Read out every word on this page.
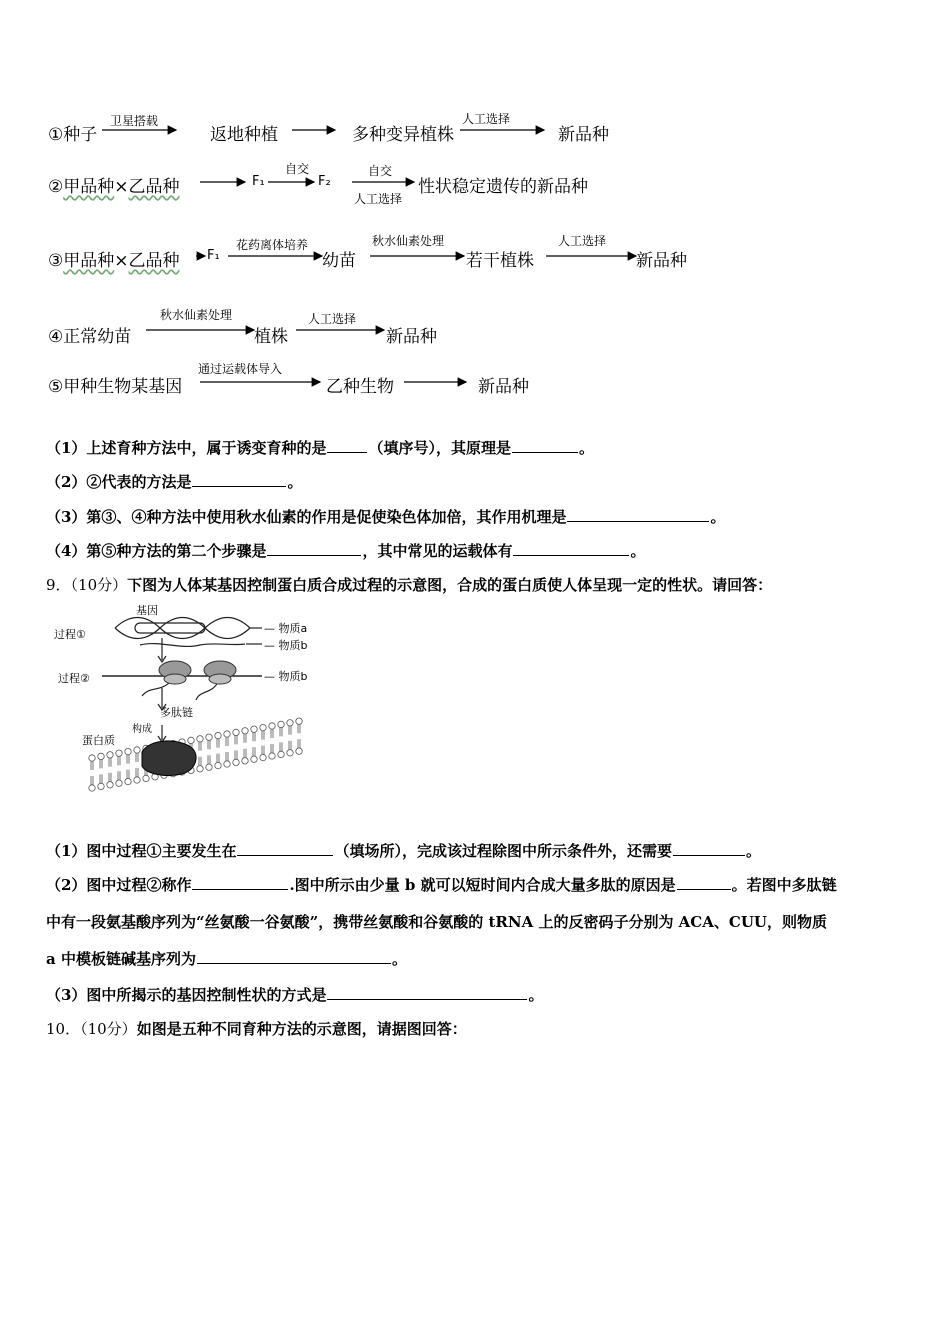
①种子
卫星搭载
返地种植	多种变异植株
人工选择
新品种
②甲品种×乙品种	F₁
自交
F₂
自交
人工选择
性状稳定遗传的新品种
③甲品种×乙品种 F₁
花药离体培养
幼苗
秋水仙素处理
若干植株
人工选择
新品种
④正常幼苗
秋水仙素处理
植株
人工选择
新品种
⑤甲种生物某基因
通过运载体导入
乙种生物	新品种
（1）上述育种方法中，属于诱变育种的是	（填序号），其原理是	。
（2）②代表的方法是	。
（3）第③、④种方法中使用秋水仙素的作用是促使染色体加倍，其作用机理是	。
（4）第⑤种方法的第二个步骤是	，其中常见的运载体有	。
9．（10分）下图为人体某基因控制蛋白质合成过程的示意图，合成的蛋白质使人体呈现一定的性状。请回答：
基因
过程①	— 物质a
— 物质b
过程②	— 物质b
多肽链
构成
蛋白质
（1）图中过程①主要发生在	（填场所），完成该过程除图中所示条件外，还需要	。
（2）图中过程②称作	.图中所示由少量 b 就可以短时间内合成大量多肽的原因是	。若图中多肽链
中有一段氨基酸序列为“丝氨酸一谷氨酸”，携带丝氨酸和谷氨酸的 tRNA 上的反密码子分别为 ACA、CUU，则物质
a 中模板链碱基序列为	。
（3）图中所揭示的基因控制性状的方式是	。
10．（10分）如图是五种不同育种方法的示意图，请据图回答：
